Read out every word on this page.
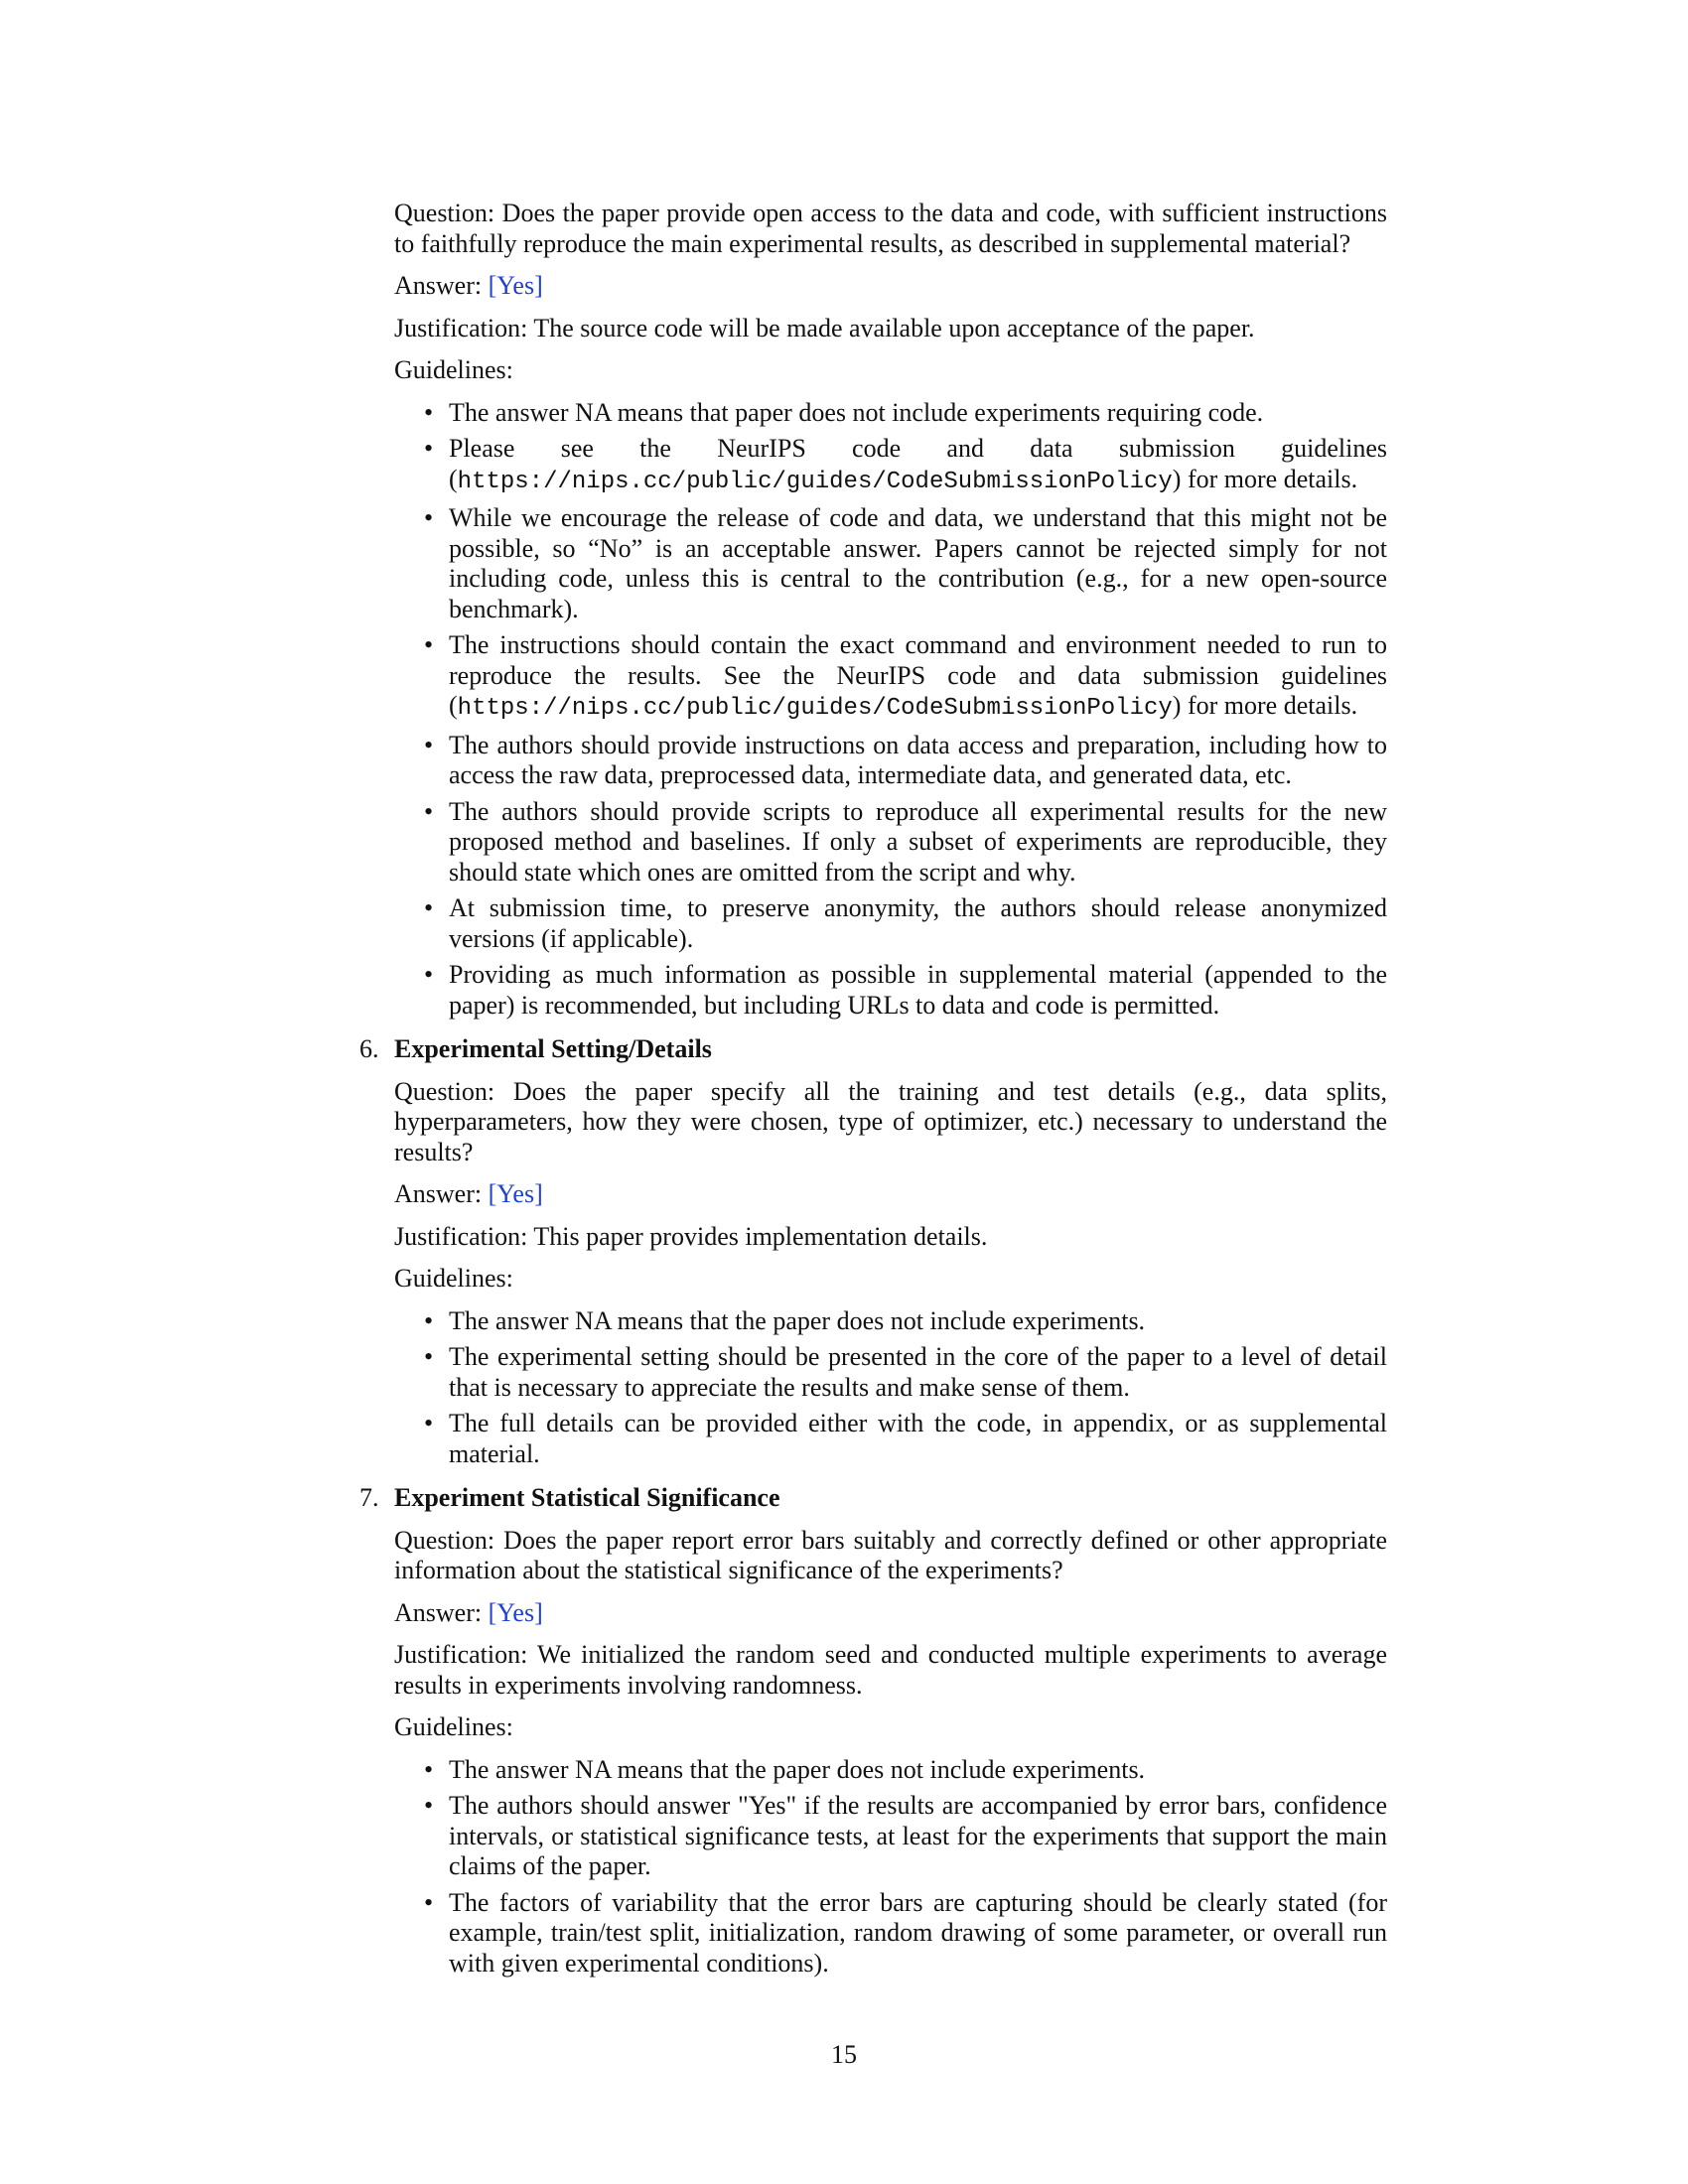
Question: Does the paper provide open access to the data and code, with sufficient instructions to faithfully reproduce the main experimental results, as described in supplemental material?

Answer: [Yes]

Justification: The source code will be made available upon acceptance of the paper.

Guidelines:

• The answer NA means that paper does not include experiments requiring code.
• Please see the NeurIPS code and data submission guidelines (https://nips.cc/public/guides/CodeSubmissionPolicy) for more details.
• While we encourage the release of code and data, we understand that this might not be possible, so “No” is an acceptable answer. Papers cannot be rejected simply for not including code, unless this is central to the contribution (e.g., for a new open-source benchmark).
• The instructions should contain the exact command and environment needed to run to reproduce the results. See the NeurIPS code and data submission guidelines (https://nips.cc/public/guides/CodeSubmissionPolicy) for more details.
• The authors should provide instructions on data access and preparation, including how to access the raw data, preprocessed data, intermediate data, and generated data, etc.
• The authors should provide scripts to reproduce all experimental results for the new proposed method and baselines. If only a subset of experiments are reproducible, they should state which ones are omitted from the script and why.
• At submission time, to preserve anonymity, the authors should release anonymized versions (if applicable).
• Providing as much information as possible in supplemental material (appended to the paper) is recommended, but including URLs to data and code is permitted.
6. Experimental Setting/Details

Question: Does the paper specify all the training and test details (e.g., data splits, hyperparameters, how they were chosen, type of optimizer, etc.) necessary to understand the results?

Answer: [Yes]

Justification: This paper provides implementation details.

Guidelines:

• The answer NA means that the paper does not include experiments.
• The experimental setting should be presented in the core of the paper to a level of detail that is necessary to appreciate the results and make sense of them.
• The full details can be provided either with the code, in appendix, or as supplemental material.
7. Experiment Statistical Significance

Question: Does the paper report error bars suitably and correctly defined or other appropriate information about the statistical significance of the experiments?

Answer: [Yes]

Justification: We initialized the random seed and conducted multiple experiments to average results in experiments involving randomness.

Guidelines:

• The answer NA means that the paper does not include experiments.
• The authors should answer "Yes" if the results are accompanied by error bars, confidence intervals, or statistical significance tests, at least for the experiments that support the main claims of the paper.
• The factors of variability that the error bars are capturing should be clearly stated (for example, train/test split, initialization, random drawing of some parameter, or overall run with given experimental conditions).
15
